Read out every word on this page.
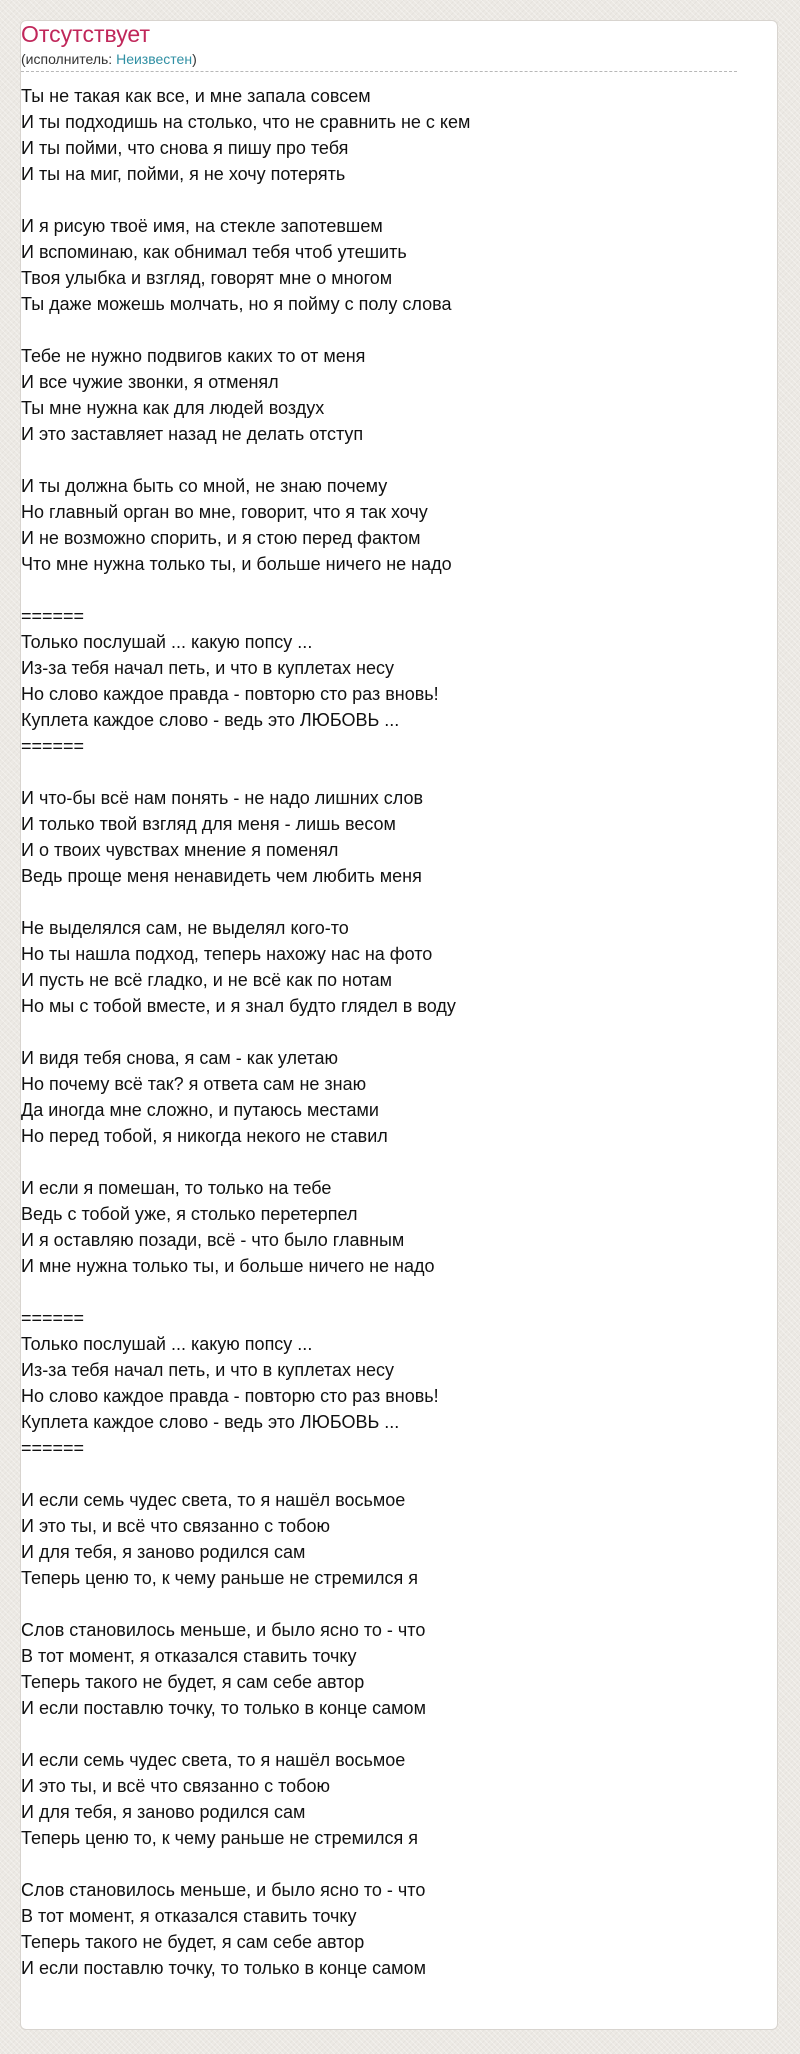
Отсутствует
(исполнитель: Неизвестен)
Ты не такая как все, и мне запала совсем
И ты подходишь на столько, что не сравнить не с кем
И ты пойми, что снова я пишу про тебя
И ты на миг, пойми, я не хочу потерять
И я рисую твоё имя, на стекле запотевшем
И вспоминаю, как обнимал тебя чтоб утешить
Твоя улыбка и взгляд, говорят мне о многом
Ты даже можешь молчать, но я пойму с полу слова
Тебе не нужно подвигов каких то от меня
И все чужие звонки, я отменял
Ты мне нужна как для людей воздух
И это заставляет назад не делать отступ
И ты должна быть со мной, не знаю почему
Но главный орган во мне, говорит, что я так хочу
И не возможно спорить, и я стою перед фактом
Что мне нужна только ты, и больше ничего не надо
======
Только послушай ... какую попсу ...
Из-за тебя начал петь, и что в куплетах несу
Но слово каждое правда - повторю сто раз вновь!
Куплета каждое слово - ведь это ЛЮБОВЬ ...
======
И что-бы всё нам понять - не надо лишних слов
И только твой взгляд для меня - лишь весом
И о твоих чувствах мнение я поменял
Ведь проще меня ненавидеть чем любить меня
Не выделялся сам, не выделял кого-то
Но ты нашла подход, теперь нахожу нас на фото
И пусть не всё гладко, и не всё как по нотам
Но мы с тобой вместе, и я знал будто глядел в воду
И видя тебя снова, я сам - как улетаю
Но почему всё так? я ответа сам не знаю
Да иногда мне сложно, и путаюсь местами
Но перед тобой, я никогда некого не ставил
И если я помешан, то только на тебе
Ведь с тобой уже, я столько перетерпел
И я оставляю позади, всё - что было главным
И мне нужна только ты, и больше ничего не надо
======
Только послушай ... какую попсу ...
Из-за тебя начал петь, и что в куплетах несу
Но слово каждое правда - повторю сто раз вновь!
Куплета каждое слово - ведь это ЛЮБОВЬ ...
======
И если семь чудес света, то я нашёл восьмое
И это ты, и всё что связанно с тобою
И для тебя, я заново родился сам
Теперь ценю то, к чему раньше не стремился я
Слов становилось меньше, и было ясно то - что
В тот момент, я отказался ставить точку
Теперь такого не будет, я сам себе автор
И если поставлю точку, то только в конце самом
И если семь чудес света, то я нашёл восьмое
И это ты, и всё что связанно с тобою
И для тебя, я заново родился сам
Теперь ценю то, к чему раньше не стремился я
Слов становилось меньше, и было ясно то - что
В тот момент, я отказался ставить точку
Теперь такого не будет, я сам себе автор
И если поставлю точку, то только в конце самом
